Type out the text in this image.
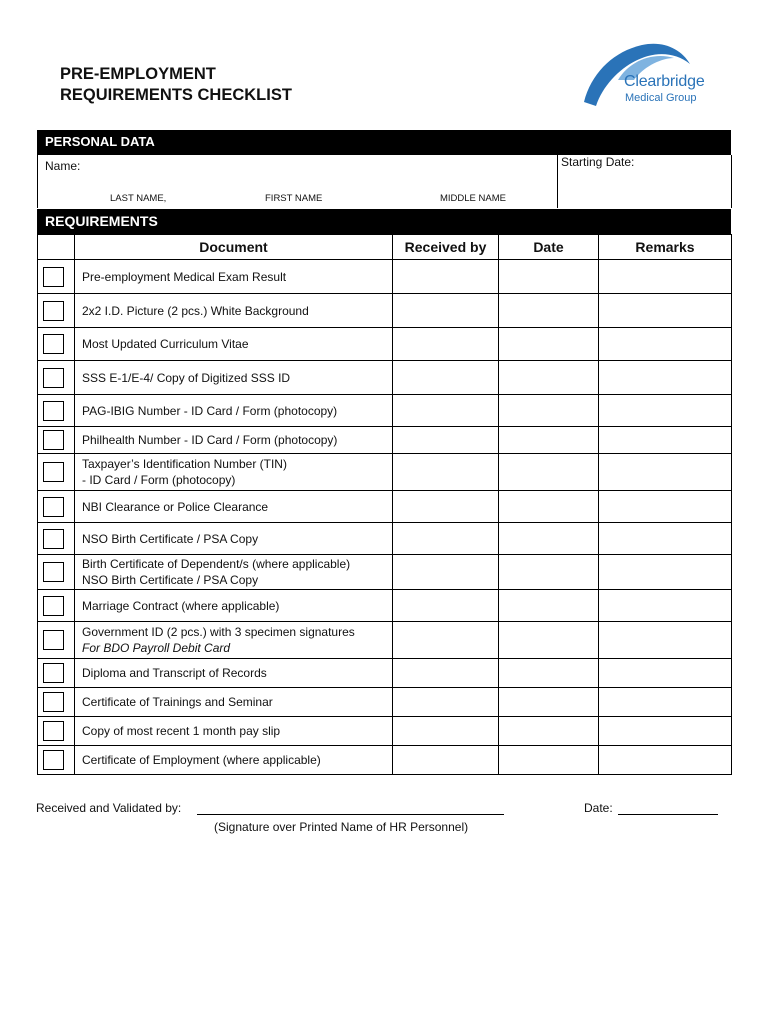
PRE-EMPLOYMENT
REQUIREMENTS CHECKLIST
Clearbridge
Medical Group
PERSONAL DATA
Name:	Starting Date:
LAST NAME,	FIRST NAME	MIDDLE NAME
REQUIREMENTS
	Document	Received by	Date	Remarks

	Pre-employment Medical Exam Result			

	2x2 I.D. Picture (2 pcs.) White Background			

	Most Updated Curriculum Vitae			

	SSS E-1/E-4/ Copy of Digitized SSS ID			

	PAG-IBIG Number - ID Card / Form (photocopy)			

	Philhealth Number - ID Card / Form (photocopy)			

	Taxpayer’s Identification Number (TIN)
- ID Card / Form (photocopy)			

	NBI Clearance or Police Clearance			

	NSO Birth Certificate / PSA Copy			

	Birth Certificate of Dependent/s (where applicable)
NSO Birth Certificate / PSA Copy			

	Marriage Contract (where applicable)			

	Government ID (2 pcs.) with 3 specimen signatures
For BDO Payroll Debit Card			

	Diploma and Transcript of Records			

	Certificate of Trainings and Seminar			

	Copy of most recent 1 month pay slip			

	Certificate of Employment (where applicable)			
Received and Validated by:
(Signature over Printed Name of HR Personnel)
Date:
